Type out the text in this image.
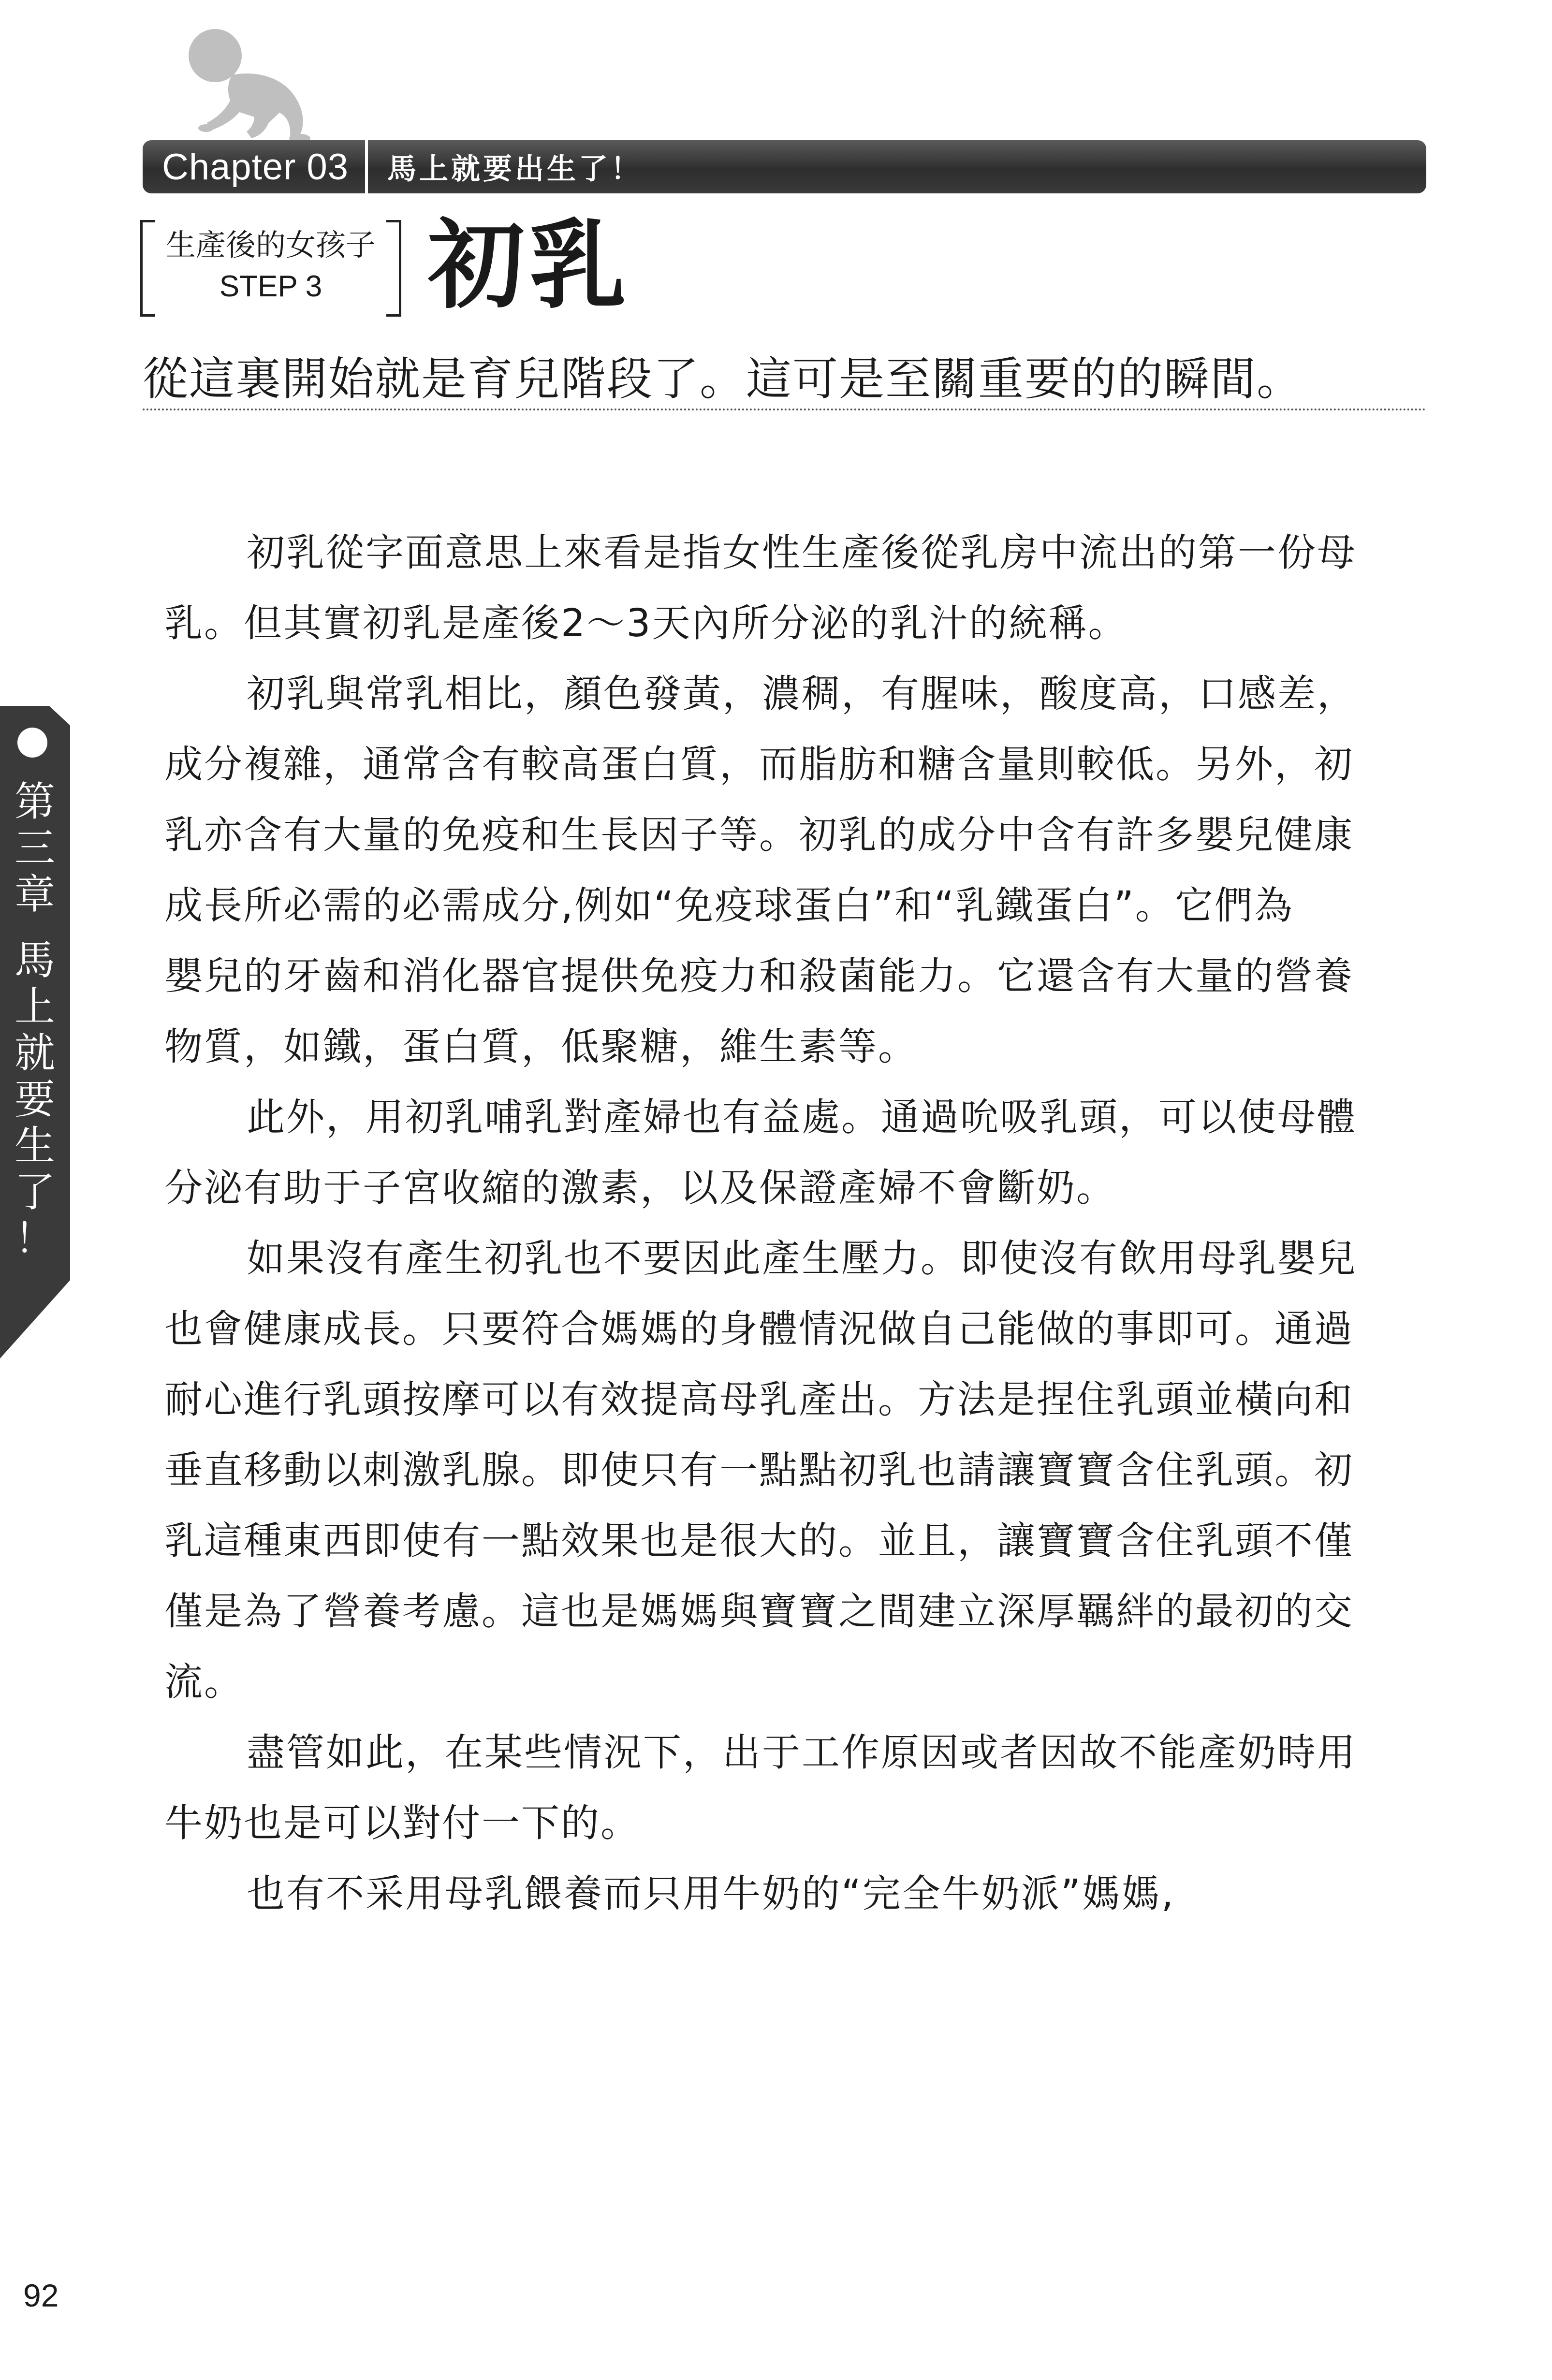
Chapter 03	馬上就要出生了！
生產後的女孩子
STEP 3	初乳
從這裏開始就是育兒階段了。這可是至關重要的的瞬間。
初乳從字面意思上來看是指女性生產後從乳房中流出的第一份母
乳。但其實初乳是產後2～3天內所分泌的乳汁的統稱。
初乳與常乳相比，顏色發黃，濃稠，有腥味，酸度高，口感差，
成分複雜，通常含有較高蛋白質，而脂肪和糖含量則較低。另外，初
乳亦含有大量的免疫和生長因子等。初乳的成分中含有許多嬰兒健康
成長所必需的必需成分,例如“免疫球蛋白”和“乳鐵蛋白”。它們為
嬰兒的牙齒和消化器官提供免疫力和殺菌能力。它還含有大量的營養
物質，如鐵，蛋白質，低聚糖，維生素等。
此外，用初乳哺乳對產婦也有益處。通過吮吸乳頭，可以使母體
分泌有助于子宮收縮的激素，以及保證產婦不會斷奶。
如果沒有產生初乳也不要因此產生壓力。即使沒有飲用母乳嬰兒
也會健康成長。只要符合媽媽的身體情況做自己能做的事即可。通過
耐心進行乳頭按摩可以有效提高母乳產出。方法是捏住乳頭並橫向和
垂直移動以刺激乳腺。即使只有一點點初乳也請讓寶寶含住乳頭。初
乳這種東西即使有一點效果也是很大的。並且，讓寶寶含住乳頭不僅
僅是為了營養考慮。這也是媽媽與寶寶之間建立深厚羈絆的最初的交
流。
盡管如此，在某些情況下，出于工作原因或者因故不能產奶時用
牛奶也是可以對付一下的。
也有不采用母乳餵養而只用牛奶的“完全牛奶派”媽媽,
第
三
章

馬
上
就
要
生
了
！
92
